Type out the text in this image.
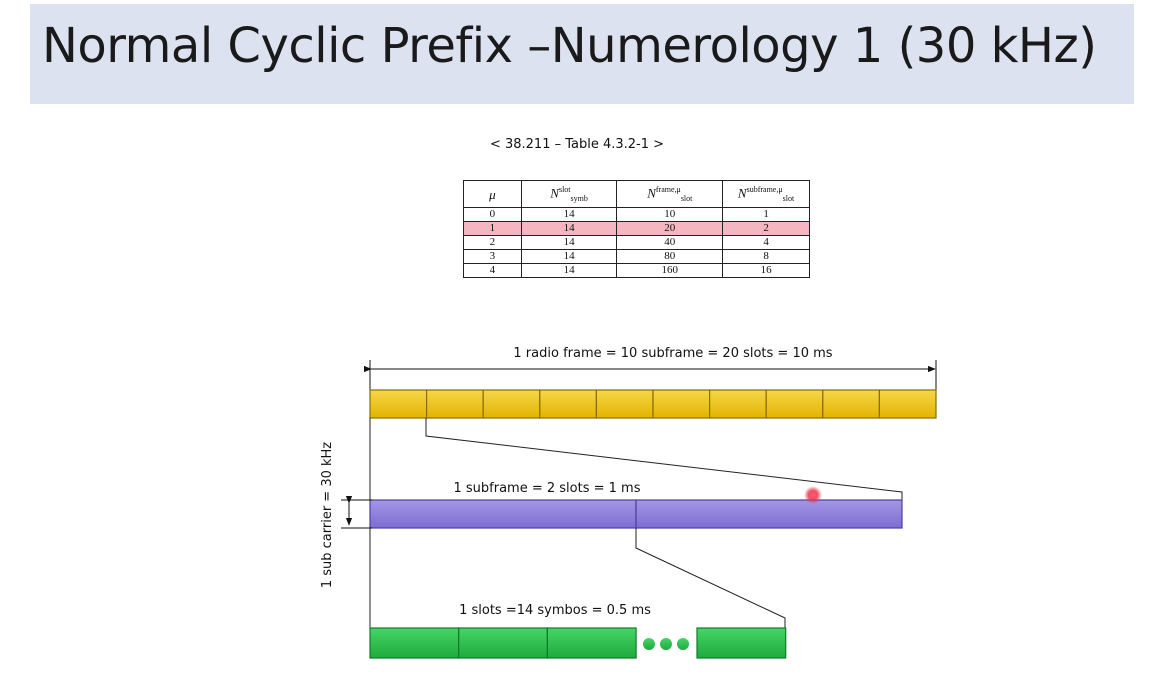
Normal Cyclic Prefix –Numerology 1 (30 kHz)
< 38.211 – Table 4.3.2-1 >
μ	$N^{slot}_{symb}$	$N^{frame,\mu}_{slot}$	$N^{subframe,\mu}_{slot}$
0	14	10	1
1	14	20	2
2	14	40	4
3	14	80	8
4	14	160	16
1 radio frame = 10 subframe = 20 slots = 10 ms
1 subframe = 2 slots = 1 ms
1 sub carrier = 30 kHz
1 slots =14 symbos = 0.5 ms
